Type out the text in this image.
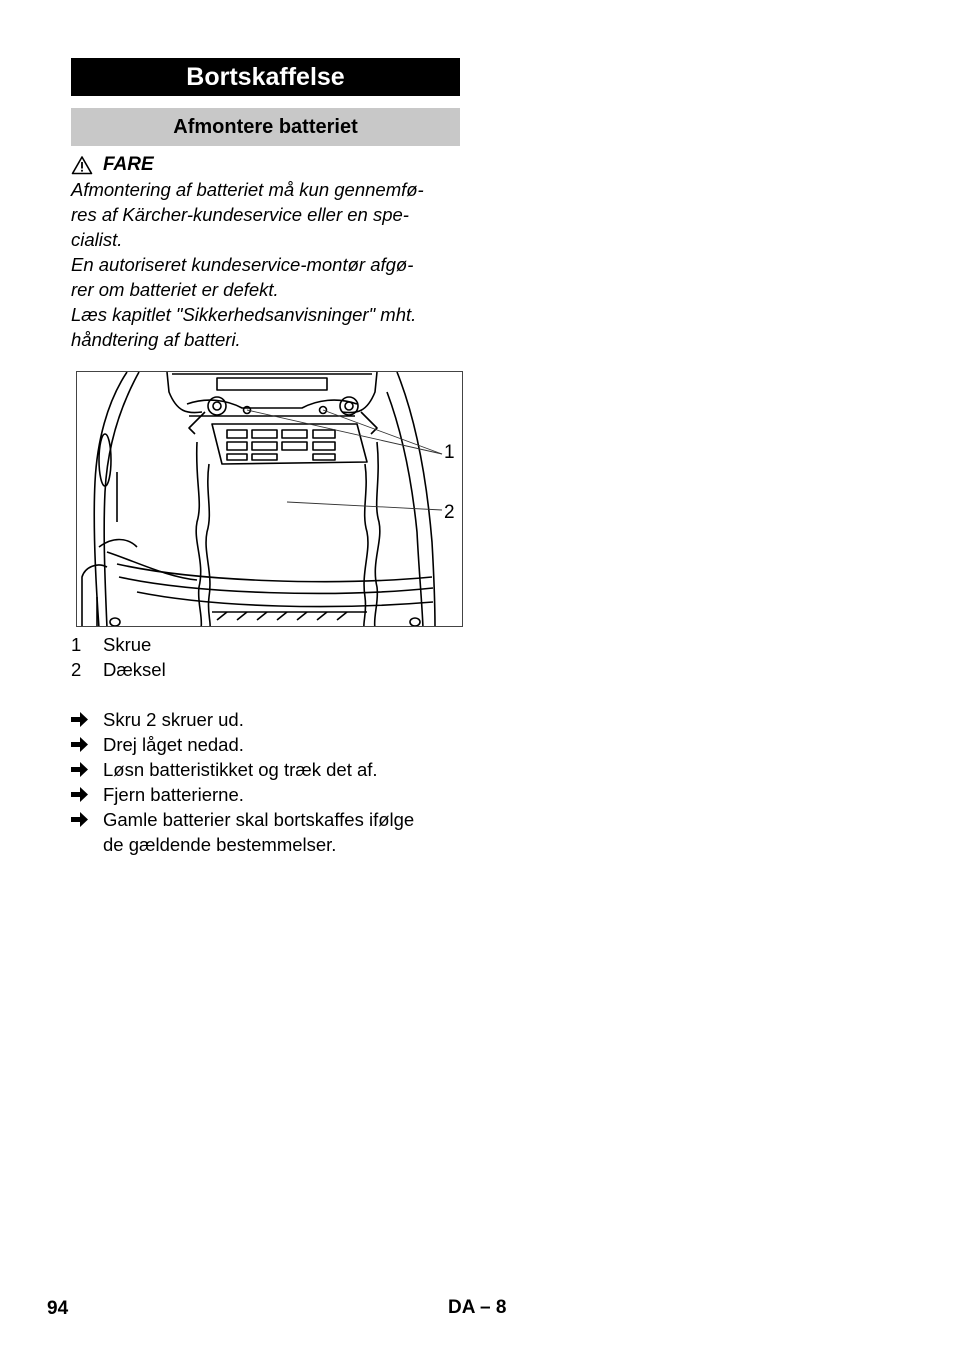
Bortskaffelse
Afmontere batteriet
FARE

Afmontering af batteriet må kun gennemfø-

res af Kärcher-kundeservice eller en spe-

cialist.

En autoriseret kundeservice-montør afgø-

rer om batteriet er defekt.

Læs kapitlet "Sikkerhedsanvisninger" mht.

håndtering af batteri.

1
2
1	Skrue
2	Dæksel
Skru 2 skruer ud.
Drej låget nedad.
Løsn batteristikket og træk det af.
Fjern batterierne.
Gamle batterier skal bortskaffes ifølge
de gældende bestemmelser.
94	DA – 8
